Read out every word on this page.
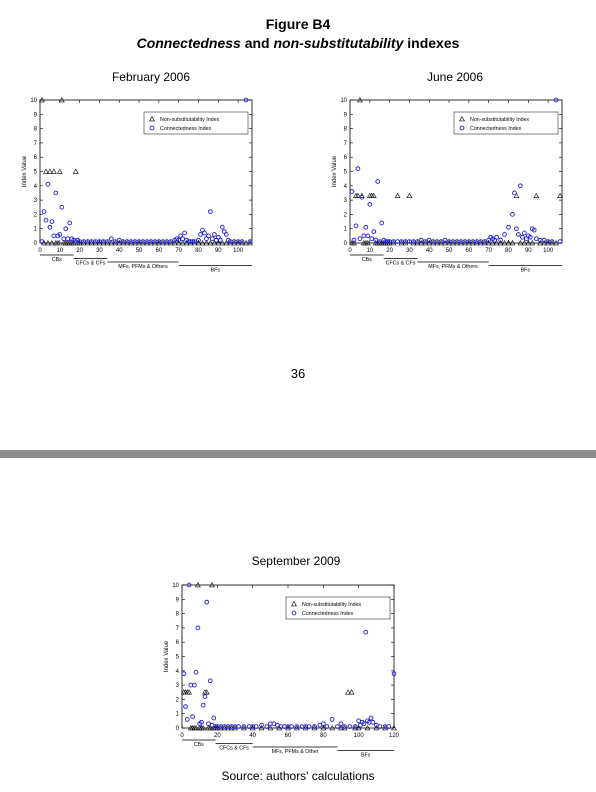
Figure B4
Connectedness and non-substitutability indexes
February 2006	June 2006
0
1
2
3
4
5
6
7
8
9
10
0 10 20 30 40 50 60 70 80 90 100
Index Value
CBs
CFCs & CFs
MFs, PFMs & Others
BFs
Non-substitutability Index
Connectedness Index
0
1
2
3
4
5
6
7
8
9
10
0 10 20 30 40 50 60 70 80 90 100
Index Value
CBs
CFCs & CFs
MFs, PFMs & Others
BFs
Non-substitutability Index
Connectedness Index
36
September 2009
0
1
2
3
4
5
6
7
8
9
10
0	20	40	60	80	100	120
Index Value
CBs
CFCs & CFs
MFs, PFMs & Other
BFs
Non-substitutability Index
Connectedness Index
Source: authors' calculations
